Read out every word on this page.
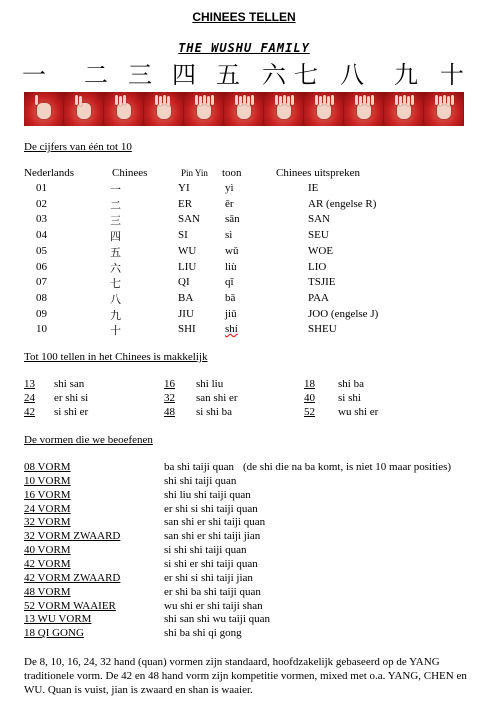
CHINEES TELLEN
THE WUSHU FAMILY
一 二 三 四 五 六 七 八 九 十
De cijfers van één tot 10
Nederlands	Chinees	Pin Yin toon	Chinees uitspreken
01	一	YI	yì	IE
02	二	ER	ēr	AR (engelse R)
03	三	SAN sān	SAN
04	四	SI	sì	SEU
05	五	WU	wǔ	WOE
06	六	LIU	liù	LIO
07	七	QI	qī	TSJIE
08	八	BA	bā	PAA
09	九	JIU	jiǔ	JOO (engelse J)
10	十	SHI	shí	SHEU
Tot 100 tellen in het Chinees is makkelijk
13 shi san	16 shi liu	18 shi ba
24 er shi si	32 san shi er	40 si shi
42 si shi er	48 si shi ba	52 wu shi er
De vormen die we beoefenen
08 VORM	ba shi taiji quan
10 VORM	shi shi taiji quan
16 VORM	shi liu shi taiji quan
24 VORM	er shi si shi taiji quan
32 VORM	san shi er shi taiji quan
32 VORM ZWAARD	san shi er shi taiji jian
40 VORM	si shi shi taiji quan
42 VORM	si shi er shi taiji quan
42 VORM ZWAARD	er shi si shi taiji jian
48 VORM	er shi ba shi taiji quan
52 VORM WAAIER	wu shi er shi taiji shan
13 WU VORM	shi san shi wu taiji quan
18 QI GONG	shi ba shi qi gong
(de shi die na ba komt, is niet 10 maar posities)
De 8, 10, 16, 24, 32 hand (quan) vormen zijn standaard, hoofdzakelijk gebaseerd op de YANG traditionele vorm. De 42 en 48 hand vorm zijn kompetitie vormen, mixed met o.a. YANG, CHEN en WU. Quan is vuist, jian is zwaard en shan is waaier.
